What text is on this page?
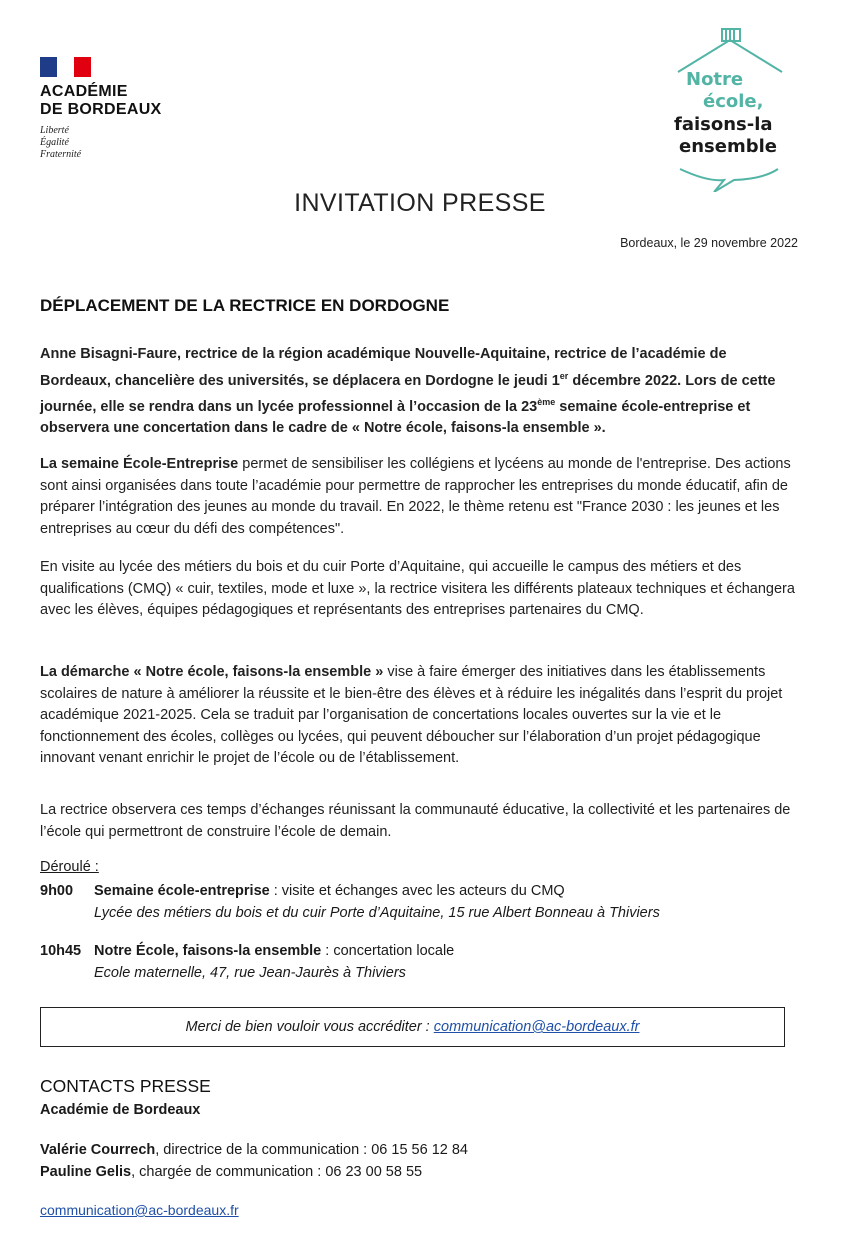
ACADÉMIE
DE BORDEAUX
Liberté
Égalité
Fraternité
Notre
école,
faisons-la
ensemble
INVITATION PRESSE
Bordeaux, le 29 novembre 2022
DÉPLACEMENT DE LA RECTRICE EN DORDOGNE
Anne Bisagni-Faure, rectrice de la région académique Nouvelle-Aquitaine, rectrice de l’académie de Bordeaux, chancelière des universités, se déplacera en Dordogne le jeudi 1er décembre 2022. Lors de cette journée, elle se rendra dans un lycée professionnel à l’occasion de la 23ème semaine école-entreprise et observera une concertation dans le cadre de « Notre école, faisons-la ensemble ».
La semaine École-Entreprise permet de sensibiliser les collégiens et lycéens au monde de l'entreprise. Des actions sont ainsi organisées dans toute l’académie pour permettre de rapprocher les entreprises du monde éducatif, afin de préparer l’intégration des jeunes au monde du travail. En 2022, le thème retenu est "France 2030 : les jeunes et les entreprises au cœur du défi des compétences".
En visite au lycée des métiers du bois et du cuir Porte d’Aquitaine, qui accueille le campus des métiers et des qualifications (CMQ) « cuir, textiles, mode et luxe », la rectrice visitera les différents plateaux techniques et échangera avec les élèves, équipes pédagogiques et représentants des entreprises partenaires du CMQ.
La démarche « Notre école, faisons-la ensemble » vise à faire émerger des initiatives dans les établissements scolaires de nature à améliorer la réussite et le bien-être des élèves et à réduire les inégalités dans l’esprit du projet académique 2021-2025. Cela se traduit par l’organisation de concertations locales ouvertes sur la vie et le fonctionnement des écoles, collèges ou lycées, qui peuvent déboucher sur l’élaboration d’un projet pédagogique innovant venant enrichir le projet de l’école ou de l’établissement.
La rectrice observera ces temps d’échanges réunissant la communauté éducative, la collectivité et les partenaires de l’école qui permettront de construire l’école de demain.
Déroulé :
9h00 Semaine école-entreprise : visite et échanges avec les acteurs du CMQ
Lycée des métiers du bois et du cuir Porte d’Aquitaine, 15 rue Albert Bonneau à Thiviers
10h45 Notre École, faisons-la ensemble : concertation locale
Ecole maternelle, 47, rue Jean-Jaurès à Thiviers
Merci de bien vouloir vous accréditer :
communication@ac-bordeaux.fr
CONTACTS PRESSE
Académie de Bordeaux
Valérie Courrech, directrice de la communication : 06 15 56 12 84
Pauline Gelis, chargée de communication : 06 23 00 58 55
communication@ac-bordeaux.fr
